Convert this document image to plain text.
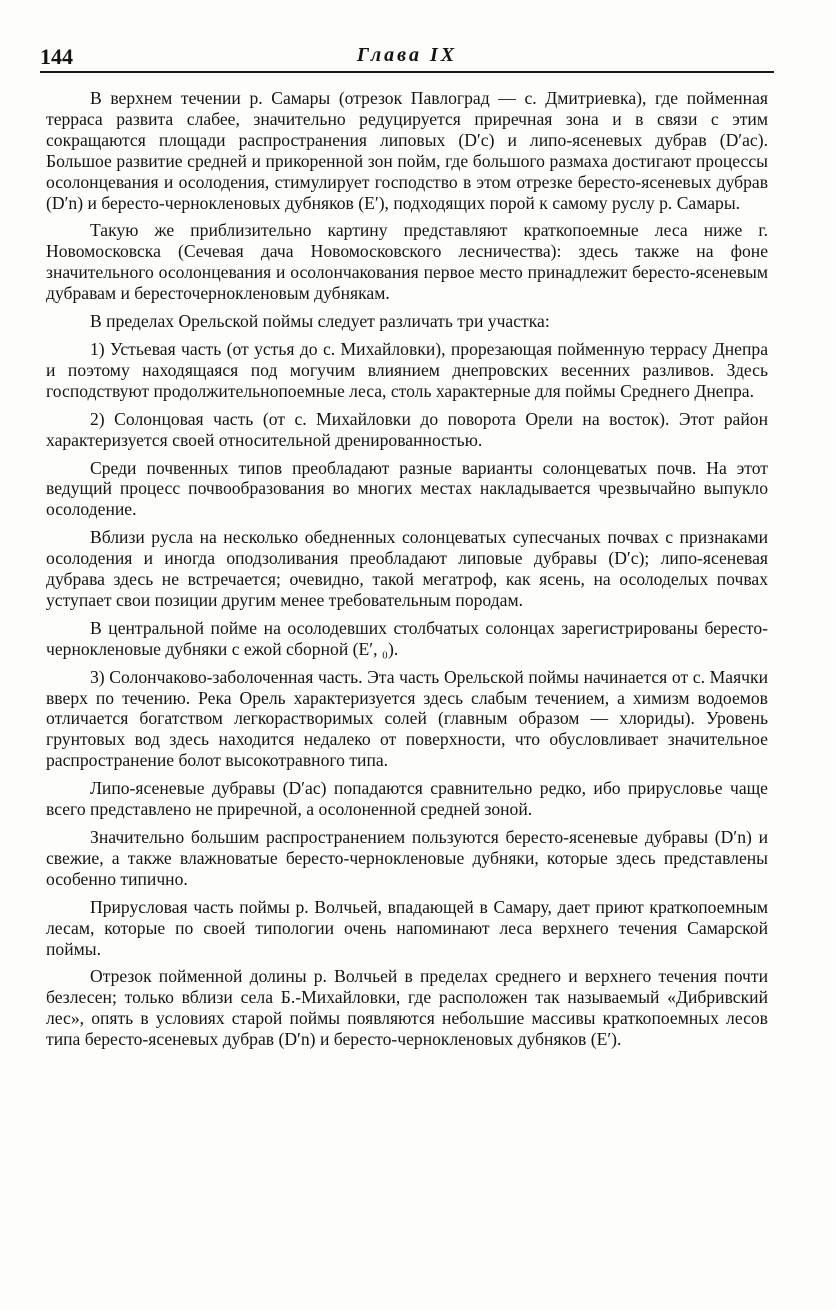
144	Глава IX

В верхнем течении р. Самары (отрезок Павлоград — с. Дмитриевка), где пойменная терраса развита слабее, значительно редуцируется приречная зона и в связи с этим сокращаются площади распространения липовых (D′c) и липо-ясеневых дубрав (D′ac). Большое развитие средней и прикоренной зон пойм, где большого размаха достигают процессы осолонцевания и осолодения, стимулирует господство в этом отрезке бересто-ясеневых дубрав (D′n) и бересто-черноклeновых дубняков (E′), подходящих порой к самому руслу р. Самары.

Такую же приблизительно картину представляют краткопоемные леса ниже г. Новомосковска (Сечевая дача Новомосковского лесничества): здесь также на фоне значительного осолонцевания и осолончакования первое место принадлежит бересто-ясеневым дубравам и бересточерноклeновым дубнякам.

В пределах Орельской поймы следует различать три участка:

1) Устьевая часть (от устья до с. Михайловки), прорезающая пойменную террасу Днепра и поэтому находящаяся под могучим влиянием днепровских весенних разливов. Здесь господствуют продолжительнопоемные леса, столь характерные для поймы Среднего Днепра.

2) Солонцовая часть (от с. Михайловки до поворота Орели на восток). Этот район характеризуется своей относительной дренированностью.

Среди почвенных типов преобладают разные варианты солонцеватых почв. На этот ведущий процесс почвообразования во многих местах накладывается чрезвычайно выпукло осолодение.

Вблизи русла на несколько обедненных солонцеватых супесчаных почвах с признаками осолодения и иногда оподзоливания преобладают липовые дубравы (D′c); липо-ясеневая дубрава здесь не встречается; очевидно, такой мегатроф, как ясень, на осолоделых почвах уступает свои позиции другим менее требовательным породам.

В центральной пойме на осолодевших столбчатых солонцах зарегистрированы бересто-черноклeновые дубняки с ежой сборной (E′, ₀).

3) Солончаково-заболоченная часть. Эта часть Орельской поймы начинается от с. Маячки вверх по течению. Река Орель характеризуется здесь слабым течением, а химизм водоемов отличается богатством легкорастворимых солей (главным образом — хлориды). Уровень грунтовых вод здесь находится недалеко от поверхности, что обусловливает значительное распространение болот высокотравного типа.

Липо-ясеневые дубравы (D′ac) попадаются сравнительно редко, ибо прирусловье чаще всего представлено не приречной, а осолоненной средней зоной.

Значительно большим распространением пользуются бересто-ясеневые дубравы (D′n) и свежие, а также влажноватые бересто-черноклeновые дубняки, которые здесь представлены особенно типично.

Прирусловая часть поймы р. Волчьей, впадающей в Самару, дает приют краткопоемным лесам, которые по своей типологии очень напоминают леса верхнего течения Самарской поймы.

Отрезок пойменной долины р. Волчьей в пределах среднего и верхнего течения почти безлесен; только вблизи села Б.-Михайловки, где расположен так называемый «Дибривский лес», опять в условиях старой поймы появляются небольшие массивы краткопоемных лесов типа бересто-ясеневых дубрав (D′n) и бересто-черноклeновых дубняков (E′).
